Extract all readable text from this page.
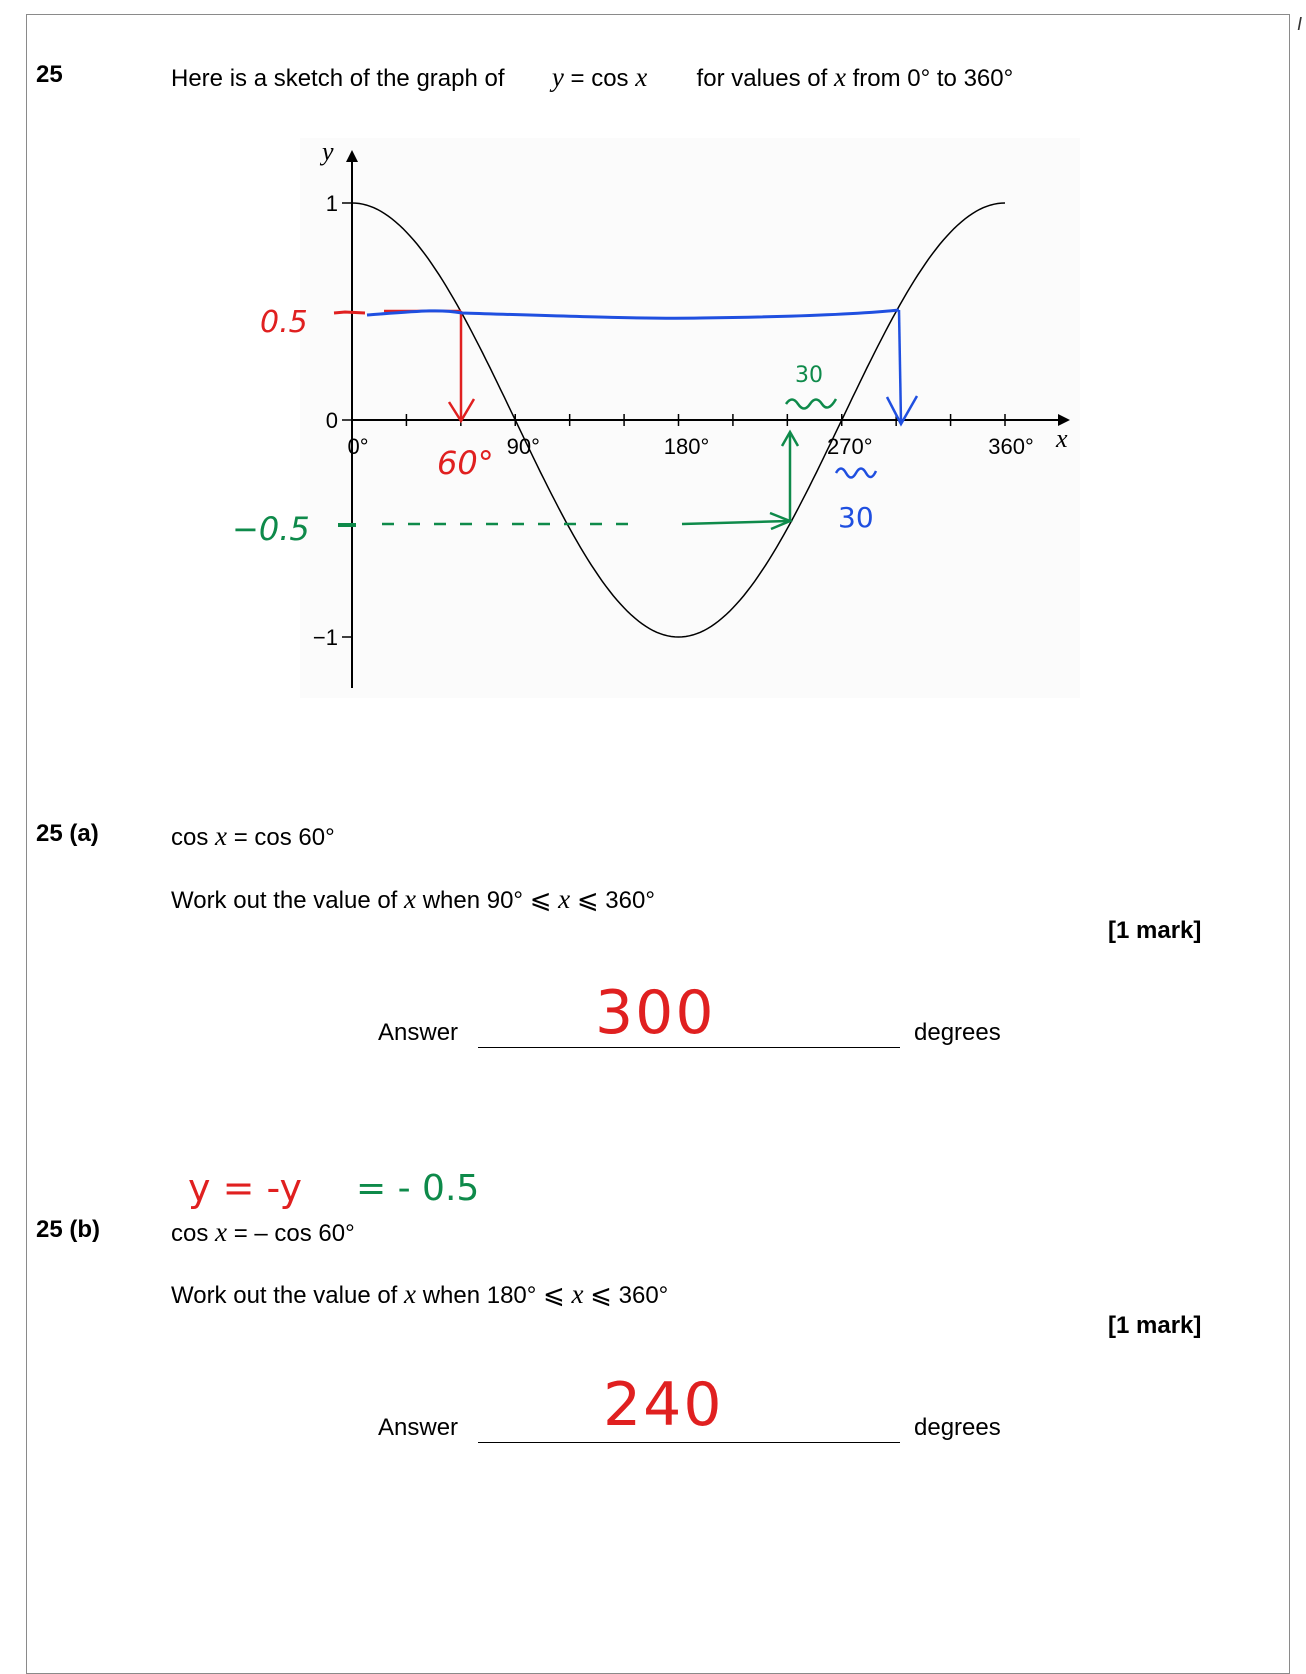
I
25	Here is a sketch of the graph of y = cos x for values of x from 0° to 360°
y
x
0°	90°	180°	270°	360°
1
0
−1
0.5
60°
30
−0.5
30
25 (a)	cos x = cos 60°
Work out the value of x when 90° ⩽ x ⩽ 360°
[1 mark]
Answer 300	degrees
y = -y = - 0.5
25 (b)	cos x = – cos 60°
Work out the value of x when 180° ⩽ x ⩽ 360°
[1 mark]
Answer 240	degrees
